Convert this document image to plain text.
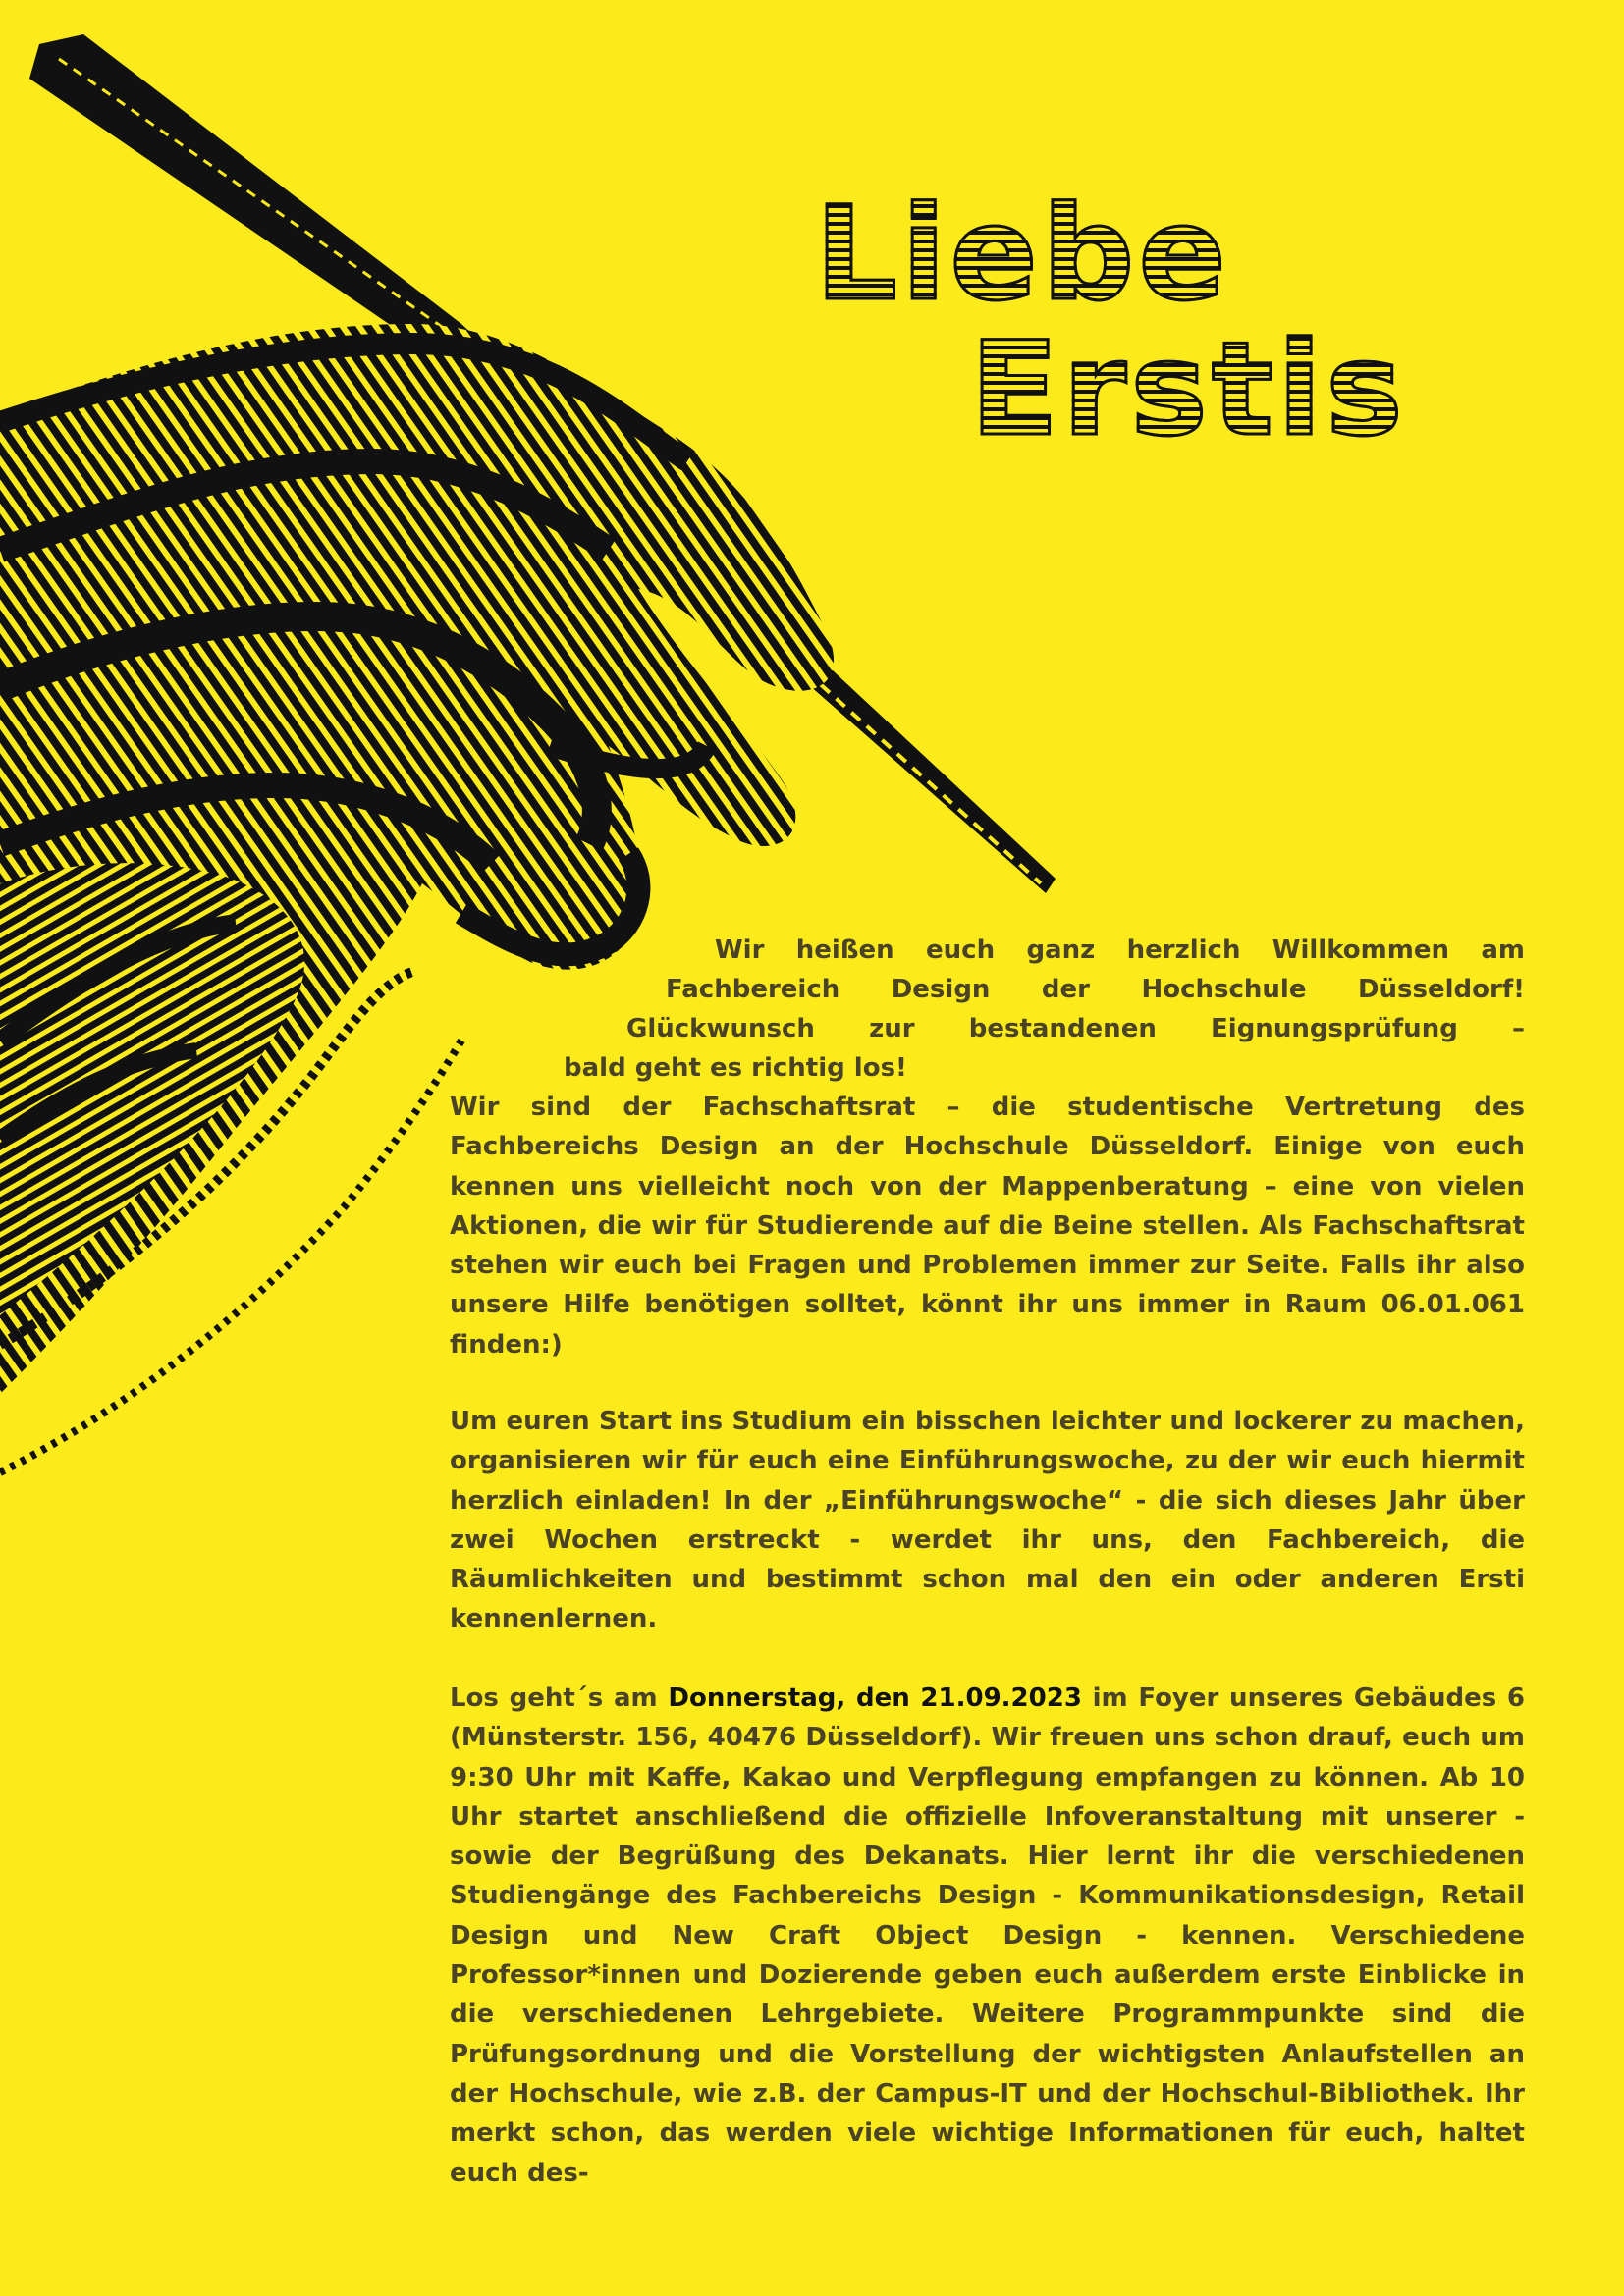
Liebe
Erstis
Wir heißen euch ganz herzlich Willkommen am
Fachbereich Design der Hochschule Düsseldorf!
Glückwunsch zur bestandenen Eignungsprüfung –
bald geht es richtig los!

Wir sind der Fachschaftsrat – die studentische Vertretung des Fachbereichs Design an der Hochschule Düsseldorf. Einige von euch kennen uns vielleicht noch von der Mappenberatung – eine von vielen Aktionen, die wir für Studierende auf die Beine stellen. Als Fachschaftsrat stehen wir euch bei Fragen und Problemen immer zur Seite. Falls ihr also unsere Hilfe benötigen solltet, könnt ihr uns immer in Raum 06.01.061 finden:)

Um euren Start ins Studium ein bisschen leichter und lockerer zu machen, organisieren wir für euch eine Einführungswoche, zu der wir euch hiermit herzlich einladen! In der „Einführungswoche“ - die sich dieses Jahr über zwei Wochen erstreckt - werdet ihr uns, den Fachbereich, die Räumlichkeiten und bestimmt schon mal den ein oder anderen Ersti kennenlernen.

Los geht´s am Donnerstag, den 21.09.2023 im Foyer unseres Gebäudes 6 (Münsterstr. 156, 40476 Düsseldorf). Wir freuen uns schon drauf, euch um 9:30 Uhr mit Kaffe, Kakao und Verpflegung empfangen zu können. Ab 10 Uhr startet anschließend die offizielle Infoveranstaltung mit unserer - sowie der Begrüßung des Dekanats. Hier lernt ihr die verschiedenen Studiengänge des Fachbereichs Design - Kommunikationsdesign, Retail Design und New Craft Object Design - kennen. Verschiedene Professor*innen und Dozierende geben euch außerdem erste Einblicke in die verschiedenen Lehrgebiete. Weitere Programmpunkte sind die Prüfungsordnung und die Vorstellung der wichtigsten Anlaufstellen an der Hochschule, wie z.B. der Campus-IT und der Hochschul-Bibliothek. Ihr merkt schon, das werden viele wichtige Informationen für euch, haltet euch des-
